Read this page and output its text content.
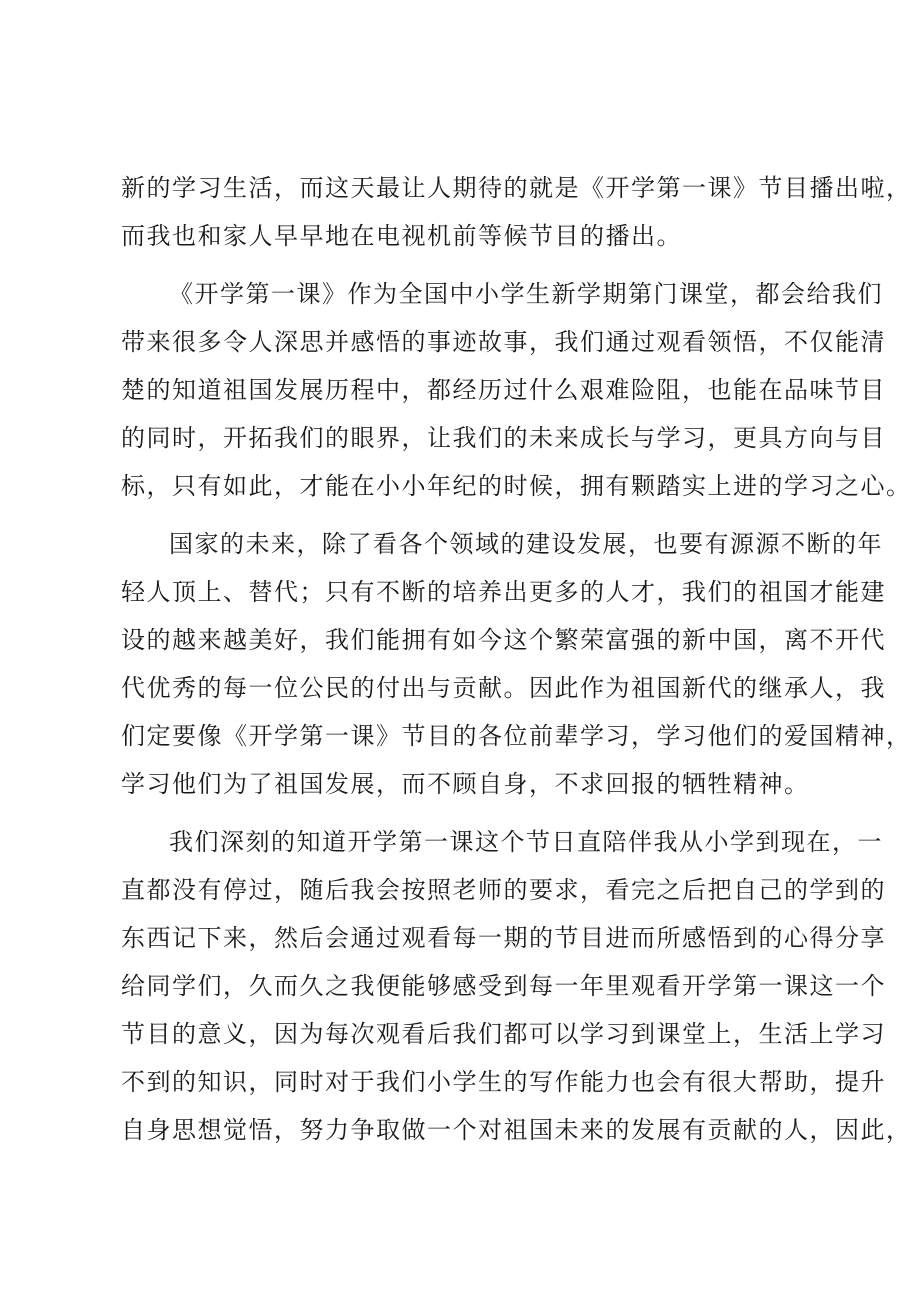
新的学习生活，而这天最让人期待的就是《开学第一课》节目播出啦，
而我也和家人早早地在电视机前等候节目的播出。
《开学第一课》作为全国中小学生新学期第门课堂，都会给我们
带来很多令人深思并感悟的事迹故事，我们通过观看领悟，不仅能清
楚的知道祖国发展历程中，都经历过什么艰难险阻，也能在品味节目
的同时，开拓我们的眼界，让我们的未来成长与学习，更具方向与目
标，只有如此，才能在小小年纪的时候，拥有颗踏实上进的学习之心。
国家的未来，除了看各个领域的建设发展，也要有源源不断的年
轻人顶上、替代；只有不断的培养出更多的人才，我们的祖国才能建
设的越来越美好，我们能拥有如今这个繁荣富强的新中国，离不开代
代优秀的每一位公民的付出与贡献。因此作为祖国新代的继承人，我
们定要像《开学第一课》节目的各位前辈学习，学习他们的爱国精神，
学习他们为了祖国发展，而不顾自身，不求回报的牺牲精神。
我们深刻的知道开学第一课这个节日直陪伴我从小学到现在，一
直都没有停过，随后我会按照老师的要求，看完之后把自己的学到的
东西记下来，然后会通过观看每一期的节目进而所感悟到的心得分享
给同学们，久而久之我便能够感受到每一年里观看开学第一课这一个
节目的意义，因为每次观看后我们都可以学习到课堂上，生活上学习
不到的知识，同时对于我们小学生的写作能力也会有很大帮助，提升
自身思想觉悟，努力争取做一个对祖国未来的发展有贡献的人，因此，
